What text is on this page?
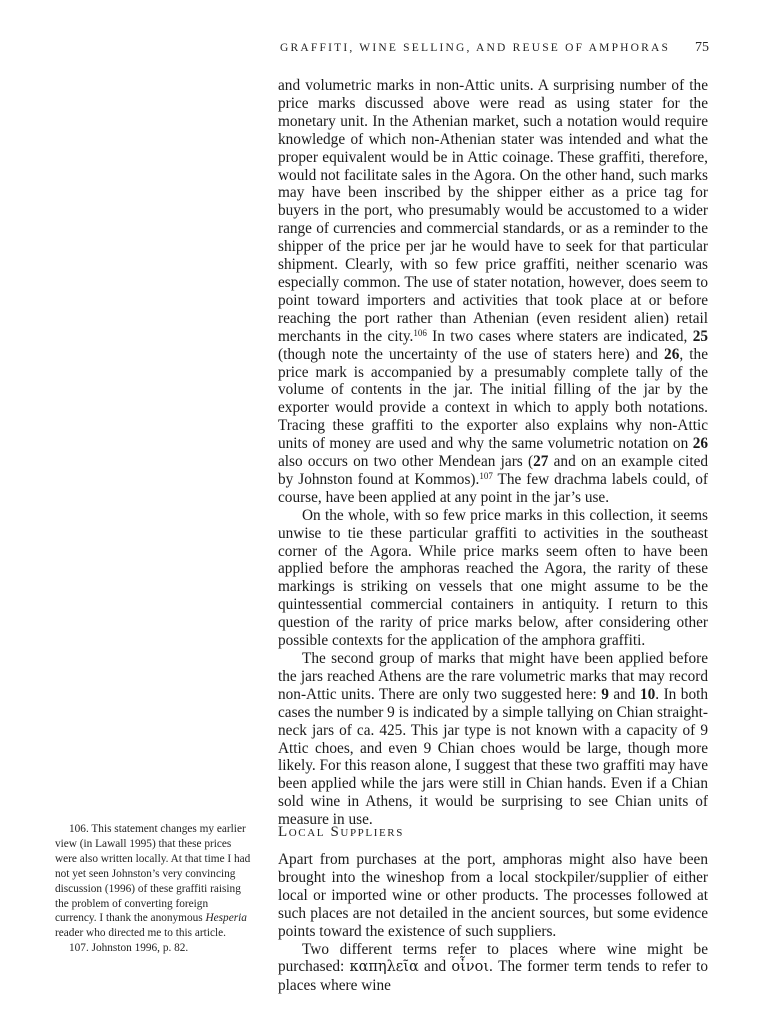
GRAFFITI, WINE SELLING, AND REUSE OF AMPHORAS	75

and volumetric marks in non-Attic units. A surprising number of the price marks discussed above were read as using stater for the monetary unit. In the Athenian market, such a notation would require knowledge of which non-Athenian stater was intended and what the proper equivalent would be in Attic coinage. These graffiti, therefore, would not facilitate sales in the Agora. On the other hand, such marks may have been inscribed by the shipper either as a price tag for buyers in the port, who presumably would be accustomed to a wider range of currencies and commercial standards, or as a reminder to the shipper of the price per jar he would have to seek for that particular shipment. Clearly, with so few price graffiti, neither scenario was especially common. The use of stater notation, however, does seem to point toward importers and activities that took place at or before reaching the port rather than Athenian (even resident alien) retail merchants in the city.$^{106}$ In two cases where staters are indicated, 25 (though note the uncertainty of the use of staters here) and 26, the price mark is accompanied by a presumably complete tally of the volume of contents in the jar. The initial filling of the jar by the exporter would provide a context in which to apply both notations. Tracing these graffiti to the exporter also explains why non-Attic units of money are used and why the same volumetric notation on 26 also occurs on two other Mendean jars (27 and on an example cited by Johnston found at Kommos).$^{107}$ The few drachma labels could, of course, have been applied at any point in the jar’s use.

On the whole, with so few price marks in this collection, it seems unwise to tie these particular graffiti to activities in the southeast corner of the Agora. While price marks seem often to have been applied before the amphoras reached the Agora, the rarity of these markings is striking on vessels that one might assume to be the quintessential commercial containers in antiquity. I return to this question of the rarity of price marks below, after considering other possible contexts for the application of the amphora graffiti.

The second group of marks that might have been applied before the jars reached Athens are the rare volumetric marks that may record non-Attic units. There are only two suggested here: 9 and 10. In both cases the number 9 is indicated by a simple tallying on Chian straight-neck jars of ca. 425. This jar type is not known with a capacity of 9 Attic choes, and even 9 Chian choes would be large, though more likely. For this reason alone, I suggest that these two graffiti may have been applied while the jars were still in Chian hands. Even if a Chian sold wine in Athens, it would be surprising to see Chian units of measure in use.

Local Suppliers

Apart from purchases at the port, amphoras might also have been brought into the wineshop from a local stockpiler/supplier of either local or imported wine or other products. The processes followed at such places are not detailed in the ancient sources, but some evidence points toward the existence of such suppliers.

Two different terms refer to places where wine might be purchased: καπηλεῖα and οἶνοι. The former term tends to refer to places where wine

106. This statement changes my earlier view (in Lawall 1995) that these prices were also written locally. At that time I had not yet seen Johnston’s very convincing discussion (1996) of these graffiti raising the problem of converting foreign currency. I thank the anonymous Hesperia reader who directed me to this article.

107. Johnston 1996, p. 82.
